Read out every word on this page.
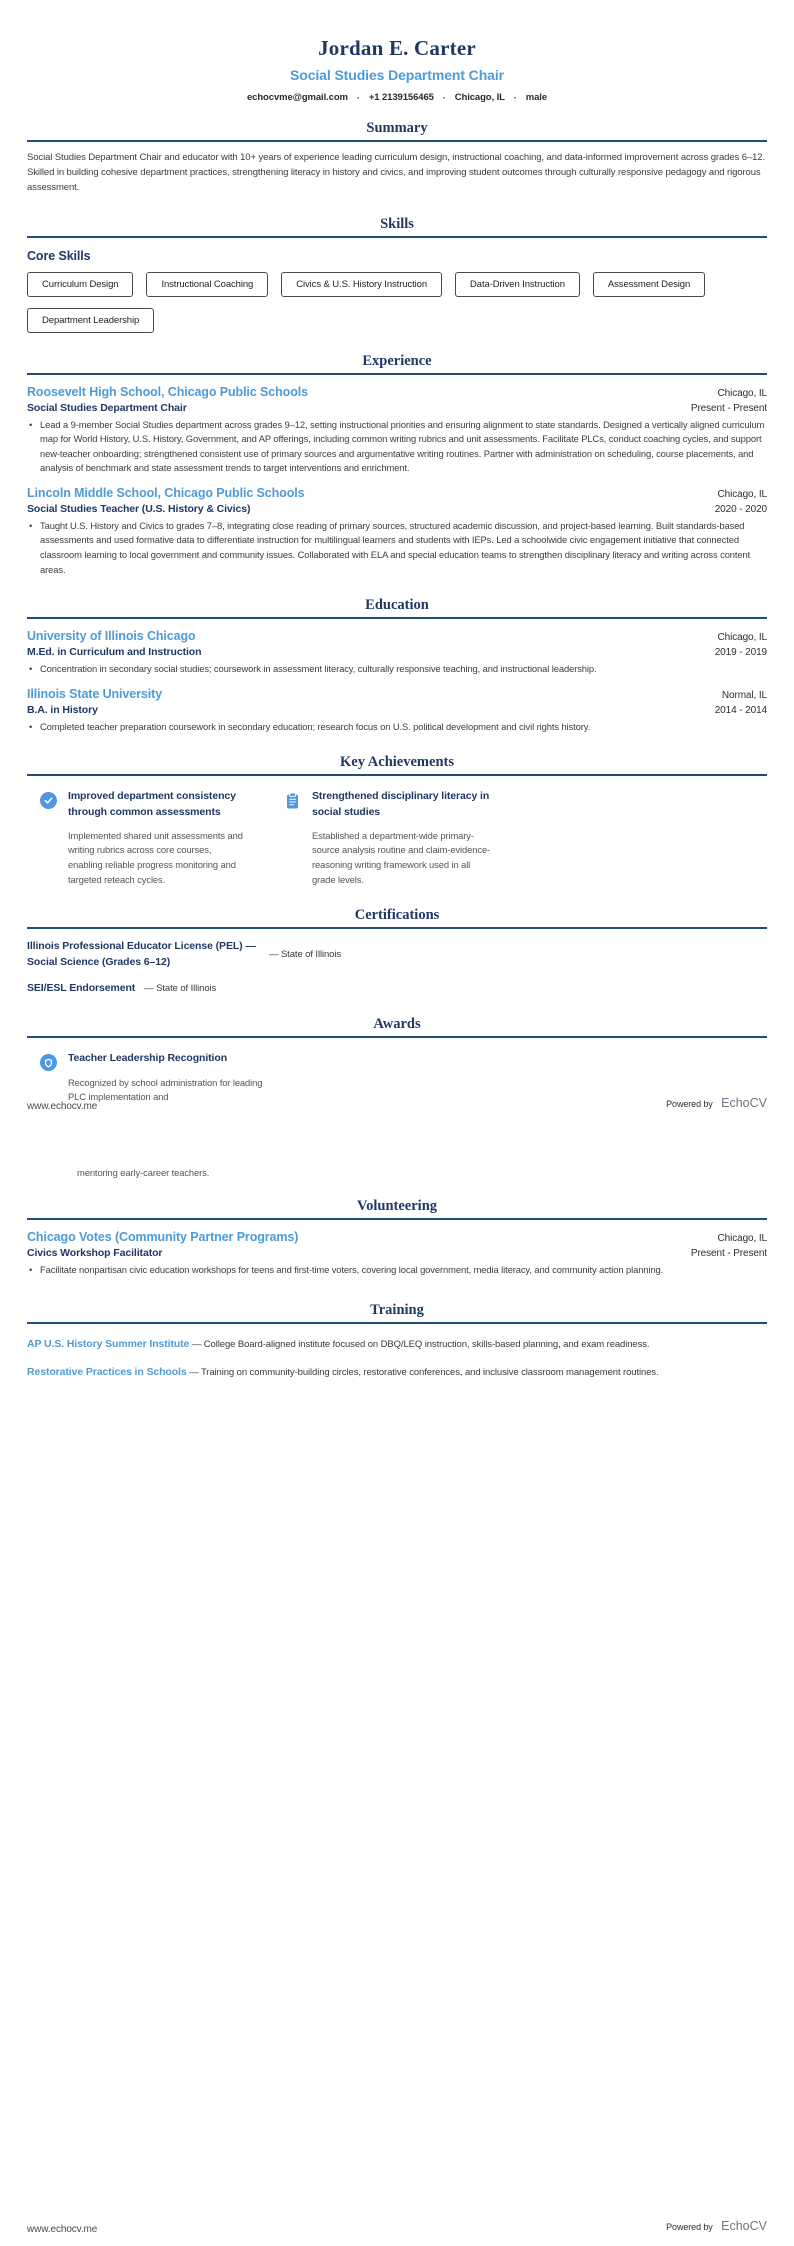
Jordan E. Carter
Social Studies Department Chair
echocvme@gmail.com · +1 2139156465 · Chicago, IL · male
Summary
Social Studies Department Chair and educator with 10+ years of experience leading curriculum design, instructional coaching, and data-informed improvement across grades 6–12. Skilled in building cohesive department practices, strengthening literacy in history and civics, and improving student outcomes through culturally responsive pedagogy and rigorous assessment.
Skills
Core Skills
Curriculum Design	Instructional Coaching	Civics & U.S. History Instruction	Data-Driven Instruction	Assessment Design
Department Leadership
Experience
Roosevelt High School, Chicago Public Schools	Chicago, IL
Social Studies Department Chair	Present - Present
• Lead a 9-member Social Studies department across grades 9–12, setting instructional priorities and ensuring alignment to state standards. Designed a vertically aligned curriculum map for World History, U.S. History, Government, and AP offerings, including common writing rubrics and unit assessments. Facilitate PLCs, conduct coaching cycles, and support new-teacher onboarding; strengthened consistent use of primary sources and argumentative writing routines. Partner with administration on scheduling, course placements, and analysis of benchmark and state assessment trends to target interventions and enrichment.
Lincoln Middle School, Chicago Public Schools	Chicago, IL
Social Studies Teacher (U.S. History & Civics)	2020 - 2020
• Taught U.S. History and Civics to grades 7–8, integrating close reading of primary sources, structured academic discussion, and project-based learning. Built standards-based assessments and used formative data to differentiate instruction for multilingual learners and students with IEPs. Led a schoolwide civic engagement initiative that connected classroom learning to local government and community issues. Collaborated with ELA and special education teams to strengthen disciplinary literacy and writing across content areas.
Education
University of Illinois Chicago	Chicago, IL
M.Ed. in Curriculum and Instruction	2019 - 2019
• Concentration in secondary social studies; coursework in assessment literacy, culturally responsive teaching, and instructional leadership.
Illinois State University	Normal, IL
B.A. in History	2014 - 2014
• Completed teacher preparation coursework in secondary education; research focus on U.S. political development and civil rights history.
Key Achievements
Improved department consistency through common assessments
Implemented shared unit assessments and writing rubrics across core courses, enabling reliable progress monitoring and targeted reteach cycles.
Strengthened disciplinary literacy in social studies
Established a department-wide primary-source analysis routine and claim-evidence-reasoning writing framework used in all grade levels.
Certifications
Illinois Professional Educator License (PEL) — Social Science (Grades 6–12)
— State of Illinois
SEI/ESL Endorsement — State of Illinois
Awards
Teacher Leadership Recognition
Recognized by school administration for leading PLC implementation and
www.echocv.me	Powered by EchoCV
mentoring early-career teachers.
Volunteering
Chicago Votes (Community Partner Programs)	Chicago, IL
Civics Workshop Facilitator	Present - Present
• Facilitate nonpartisan civic education workshops for teens and first-time voters, covering local government, media literacy, and community action planning.
Training
AP U.S. History Summer Institute — College Board-aligned institute focused on DBQ/LEQ instruction, skills-based planning, and exam readiness.
Restorative Practices in Schools — Training on community-building circles, restorative conferences, and inclusive classroom management routines.
www.echocv.me	Powered by EchoCV
